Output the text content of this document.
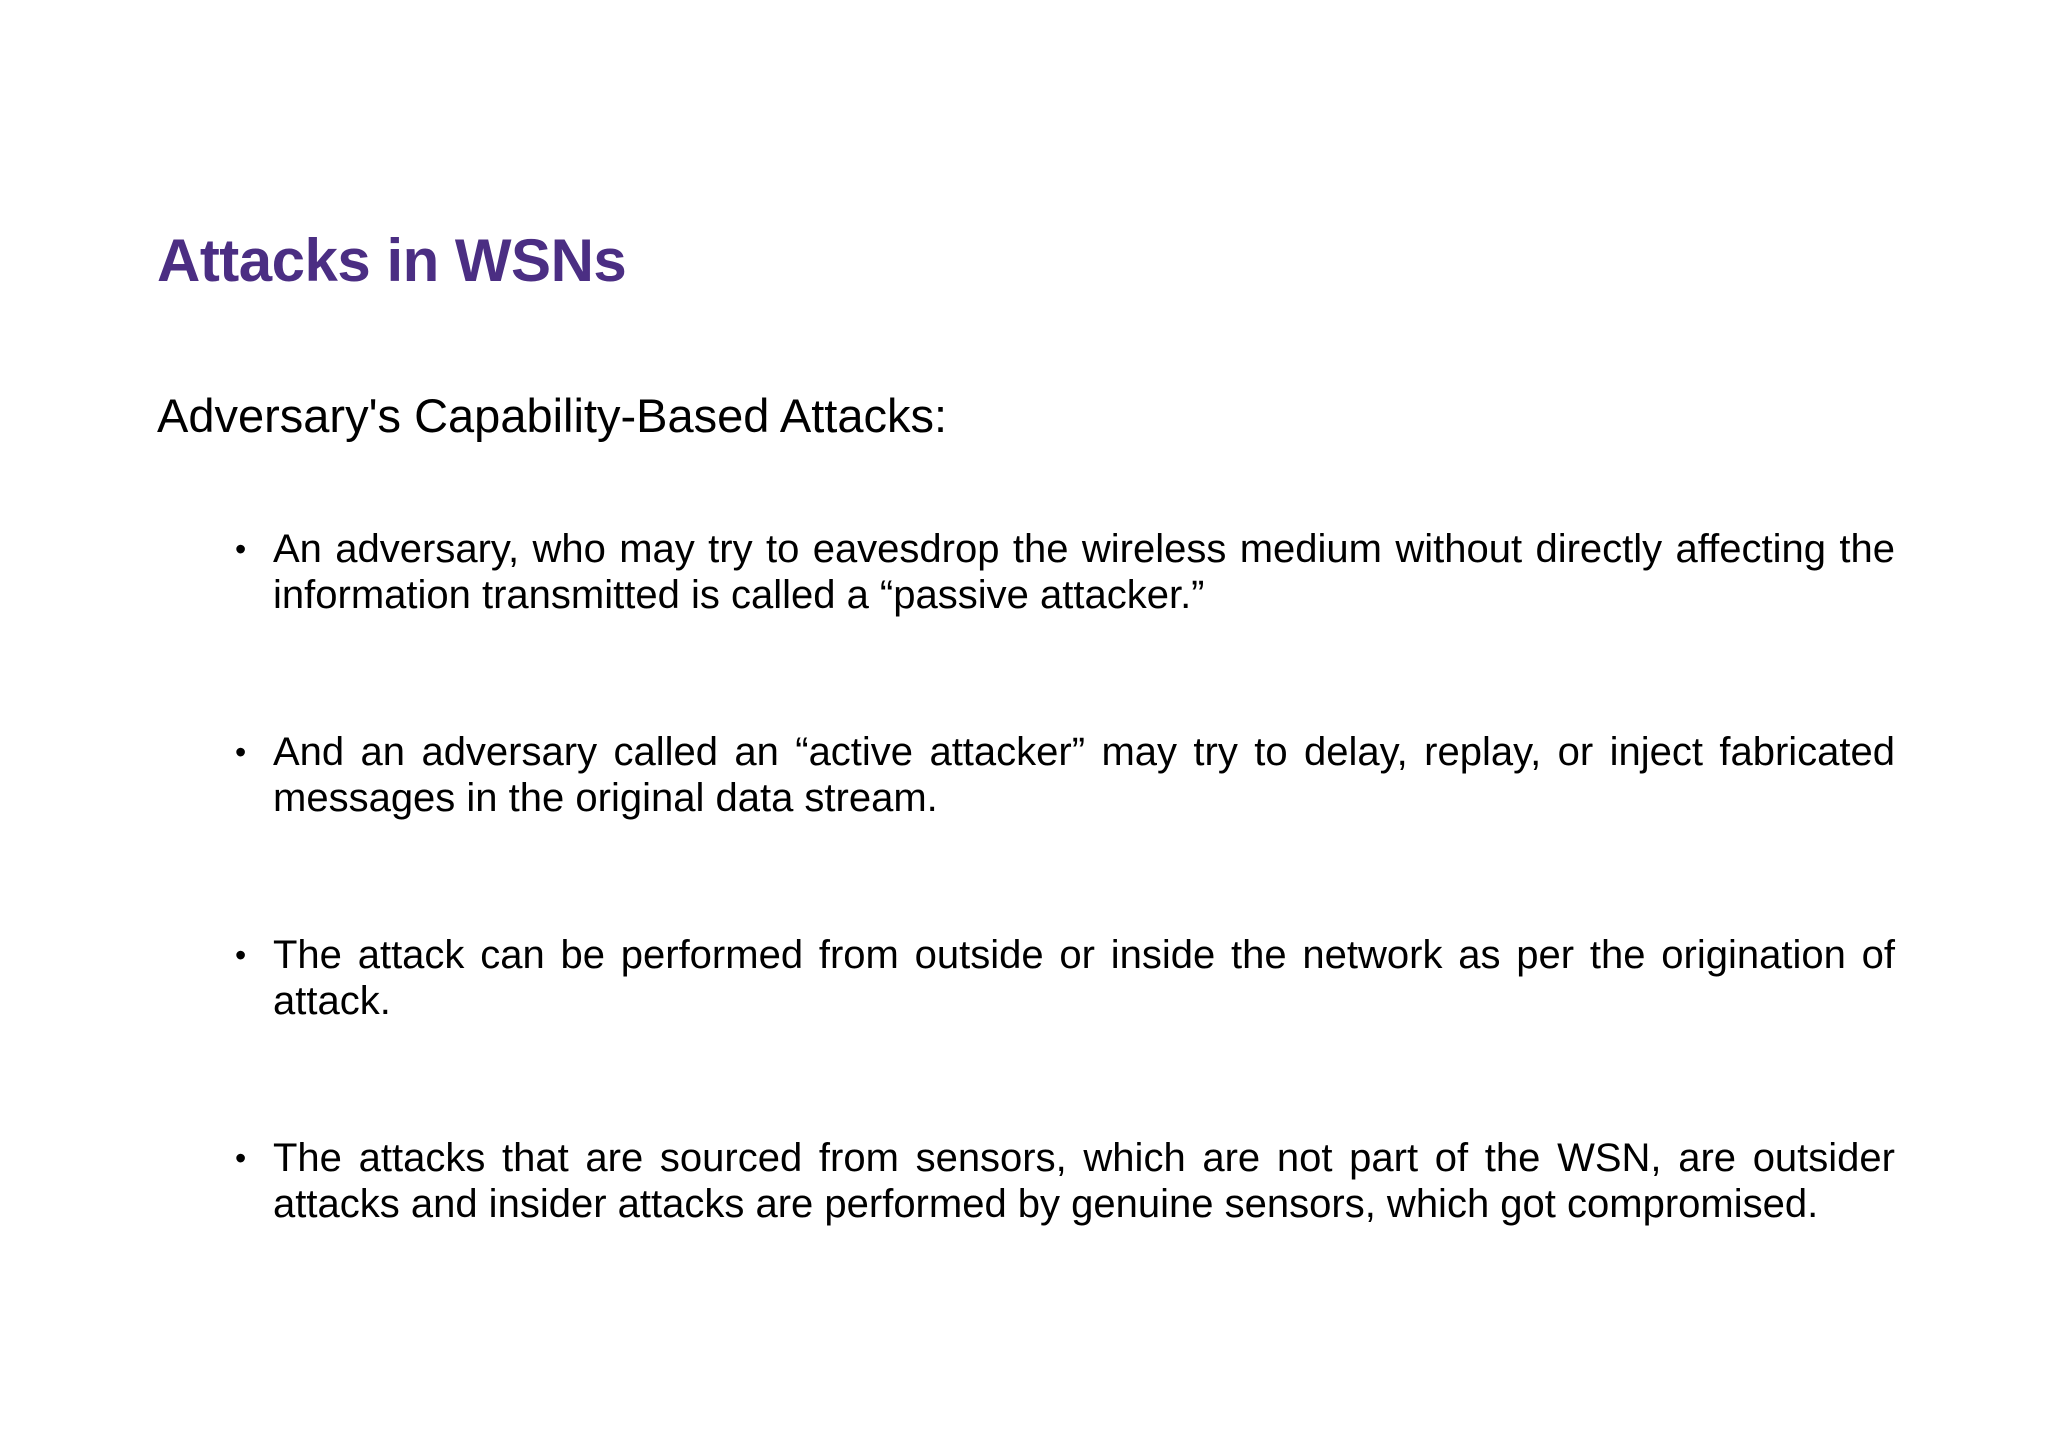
Attacks in WSNs
Adversary's Capability-Based Attacks:
• An adversary, who may try to eavesdrop the wireless medium without directly affecting the information transmitted is called a “passive attacker.”
• And an adversary called an “active attacker” may try to delay, replay, or inject fabricated messages in the original data stream.
• The attack can be performed from outside or inside the network as per the origination of attack.
• The attacks that are sourced from sensors, which are not part of the WSN, are outsider attacks and insider attacks are performed by genuine sensors, which got compromised.
